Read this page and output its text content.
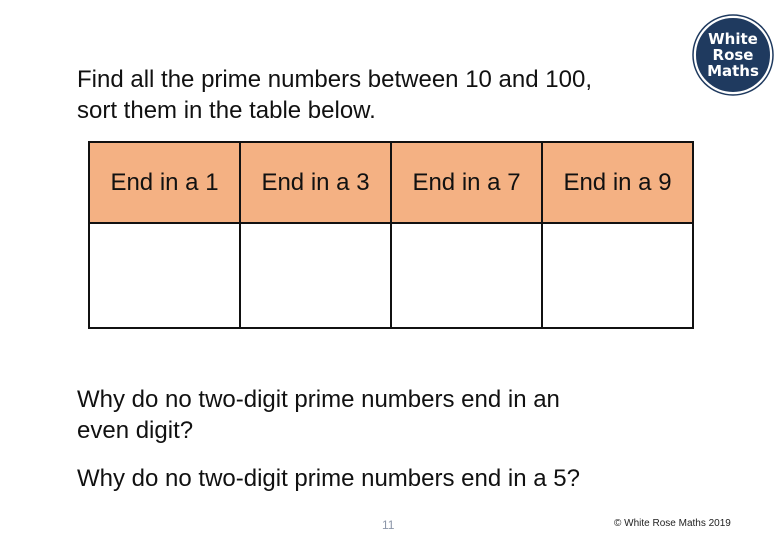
Find all the prime numbers between 10 and 100,
sort them in the table below.
White
Rose
Maths
End in a 1	End in a 3	End in a 7	End in a 9

Why do no two-digit prime numbers end in an
even digit?

Why do no two-digit prime numbers end in a 5?

11	© White Rose Maths 2019
